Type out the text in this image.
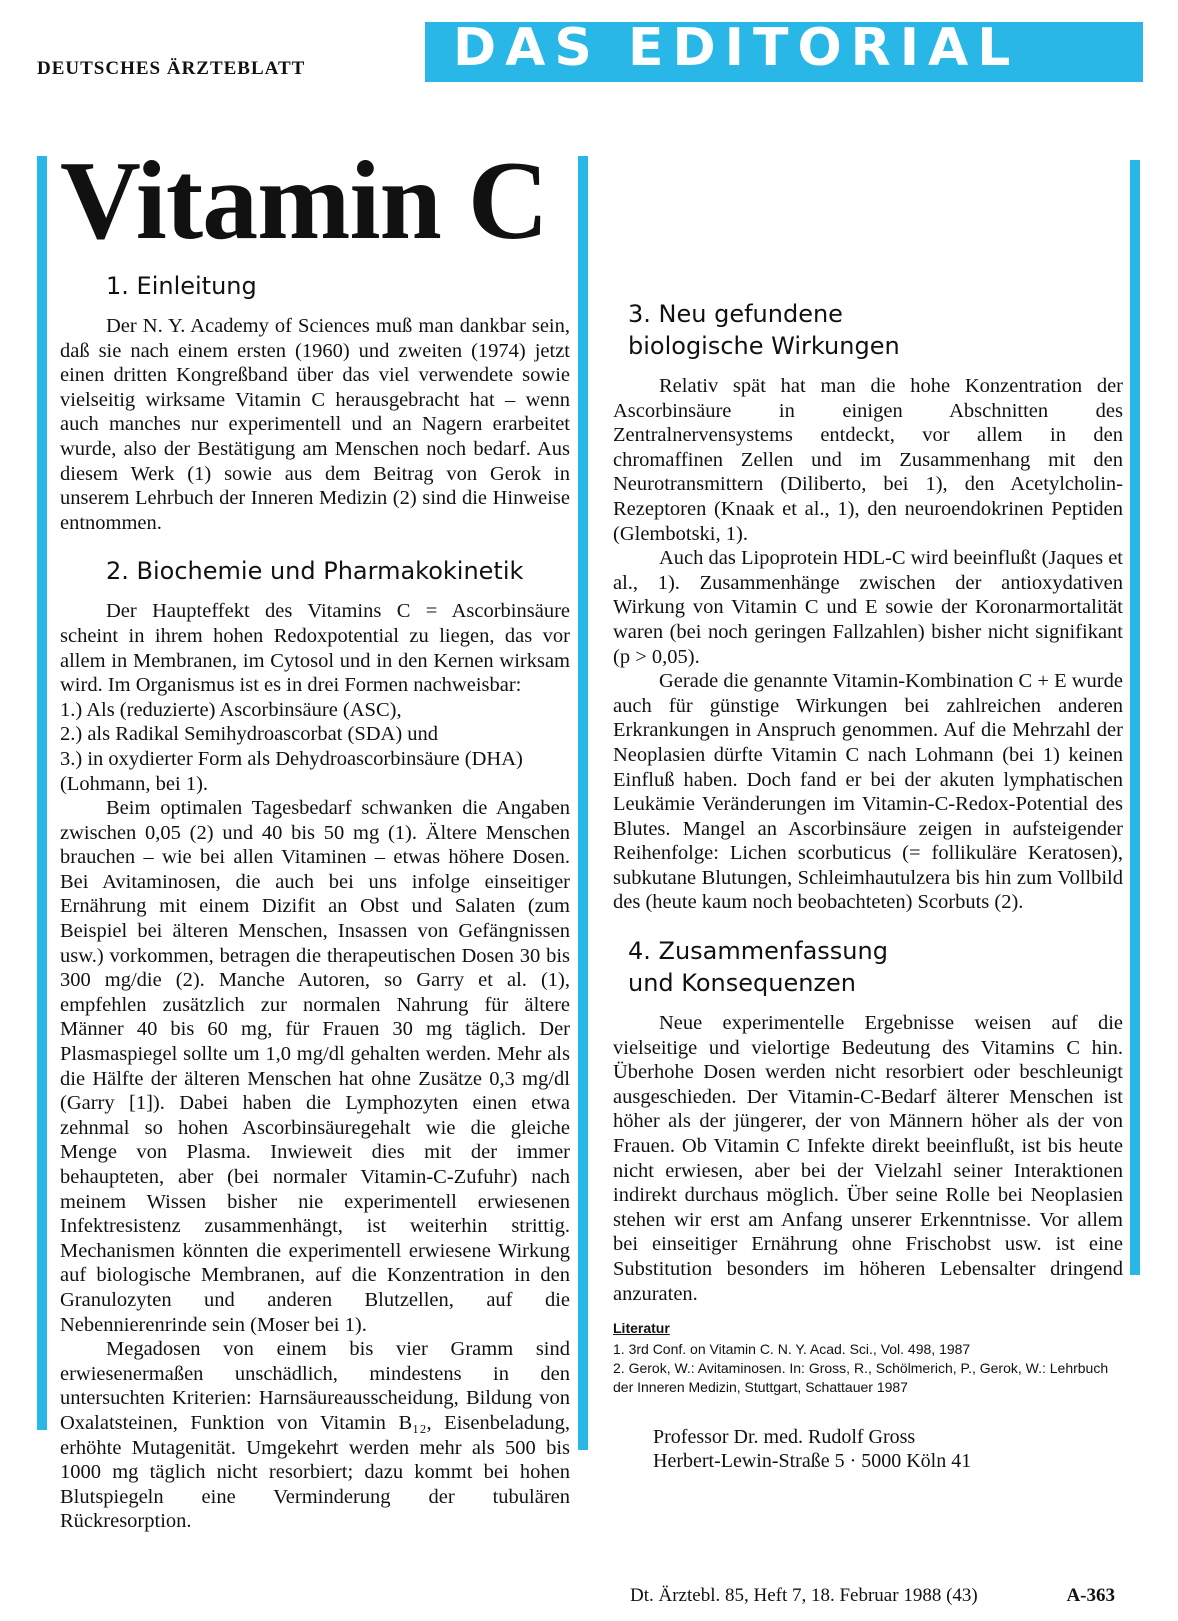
DEUTSCHES ÄRZTEBLATT	DAS EDITORIAL
Vitamin C
1. Einleitung

Der N. Y. Academy of Sciences muß man dankbar sein, daß sie nach einem ersten (1960) und zweiten (1974) jetzt einen dritten Kongreßband über das viel verwendete sowie vielseitig wirksame Vitamin C herausgebracht hat – wenn auch manches nur experimentell und an Nagern erarbeitet wurde, also der Bestätigung am Menschen noch bedarf. Aus diesem Werk (1) sowie aus dem Beitrag von Gerok in unserem Lehrbuch der Inneren Medizin (2) sind die Hinweise entnommen.

2. Biochemie und Pharmakokinetik

Der Haupteffekt des Vitamins C = Ascorbinsäure scheint in ihrem hohen Redoxpotential zu liegen, das vor allem in Membranen, im Cytosol und in den Kernen wirksam wird. Im Organismus ist es in drei Formen nachweisbar:

1.) Als (reduzierte) Ascorbinsäure (ASC),

2.) als Radikal Semihydroascorbat (SDA) und

3.) in oxydierter Form als Dehydroascorbinsäure (DHA) (Lohmann, bei 1).

Beim optimalen Tagesbedarf schwanken die Angaben zwischen 0,05 (2) und 40 bis 50 mg (1). Ältere Menschen brauchen – wie bei allen Vitaminen – etwas höhere Dosen. Bei Avitaminosen, die auch bei uns infolge einseitiger Ernährung mit einem Dizifit an Obst und Salaten (zum Beispiel bei älteren Menschen, Insassen von Gefängnissen usw.) vorkommen, betragen die therapeutischen Dosen 30 bis 300 mg/die (2). Manche Autoren, so Garry et al. (1), empfehlen zusätzlich zur normalen Nahrung für ältere Männer 40 bis 60 mg, für Frauen 30 mg täglich. Der Plasmaspiegel sollte um 1,0 mg/dl gehalten werden. Mehr als die Hälfte der älteren Menschen hat ohne Zusätze 0,3 mg/dl (Garry [1]). Dabei haben die Lymphozyten einen etwa zehnmal so hohen Ascorbinsäuregehalt wie die gleiche Menge von Plasma. Inwieweit dies mit der immer behaupteten, aber (bei normaler Vitamin-C-Zufuhr) nach meinem Wissen bisher nie experimentell erwiesenen Infektresistenz zusammenhängt, ist weiterhin strittig. Mechanismen könnten die experimentell erwiesene Wirkung auf biologische Membranen, auf die Konzentration in den Granulozyten und anderen Blutzellen, auf die Nebennierenrinde sein (Moser bei 1).

Megadosen von einem bis vier Gramm sind erwiesenermaßen unschädlich, mindestens in den untersuchten Kriterien: Harnsäureausscheidung, Bildung von Oxalatsteinen, Funktion von Vitamin B₁₂, Eisenbeladung, erhöhte Mutagenität. Umgekehrt werden mehr als 500 bis 1000 mg täglich nicht resorbiert; dazu kommt bei hohen Blutspiegeln eine Verminderung der tubulären Rückresorption.

3. Neu gefundene
biologische Wirkungen

Relativ spät hat man die hohe Konzentration der Ascorbinsäure in einigen Abschnitten des Zentralnervensystems entdeckt, vor allem in den chromaffinen Zellen und im Zusammenhang mit den Neurotransmittern (Diliberto, bei 1), den Acetylcholin-Rezeptoren (Knaak et al., 1), den neuroendokrinen Peptiden (Glembotski, 1).

Auch das Lipoprotein HDL-C wird beeinflußt (Jaques et al., 1). Zusammenhänge zwischen der antioxydativen Wirkung von Vitamin C und E sowie der Koronarmortalität waren (bei noch geringen Fallzahlen) bisher nicht signifikant (p > 0,05).

Gerade die genannte Vitamin-Kombination C + E wurde auch für günstige Wirkungen bei zahlreichen anderen Erkrankungen in Anspruch genommen. Auf die Mehrzahl der Neoplasien dürfte Vitamin C nach Lohmann (bei 1) keinen Einfluß haben. Doch fand er bei der akuten lymphatischen Leukämie Veränderungen im Vitamin-C-Redox-Potential des Blutes. Mangel an Ascorbinsäure zeigen in aufsteigender Reihenfolge: Lichen scorbuticus (= follikuläre Keratosen), subkutane Blutungen, Schleimhautulzera bis hin zum Vollbild des (heute kaum noch beobachteten) Scorbuts (2).

4. Zusammenfassung
und Konsequenzen

Neue experimentelle Ergebnisse weisen auf die vielseitige und vielortige Bedeutung des Vitamins C hin. Überhohe Dosen werden nicht resorbiert oder beschleunigt ausgeschieden. Der Vitamin-C-Bedarf älterer Menschen ist höher als der jüngerer, der von Männern höher als der von Frauen. Ob Vitamin C Infekte direkt beeinflußt, ist bis heute nicht erwiesen, aber bei der Vielzahl seiner Interaktionen indirekt durchaus möglich. Über seine Rolle bei Neoplasien stehen wir erst am Anfang unserer Erkenntnisse. Vor allem bei einseitiger Ernährung ohne Frischobst usw. ist eine Substitution besonders im höheren Lebensalter dringend anzuraten.

Literatur

1. 3rd Conf. on Vitamin C. N. Y. Acad. Sci., Vol. 498, 1987

2. Gerok, W.: Avitaminosen. In: Gross, R., Schölmerich, P., Gerok, W.: Lehrbuch der Inneren Medizin, Stuttgart, Schattauer 1987

Professor Dr. med. Rudolf Gross
Herbert-Lewin-Straße 5 · 5000 Köln 41
Dt. Ärztebl. 85, Heft 7, 18. Februar 1988 (43)	A-363
